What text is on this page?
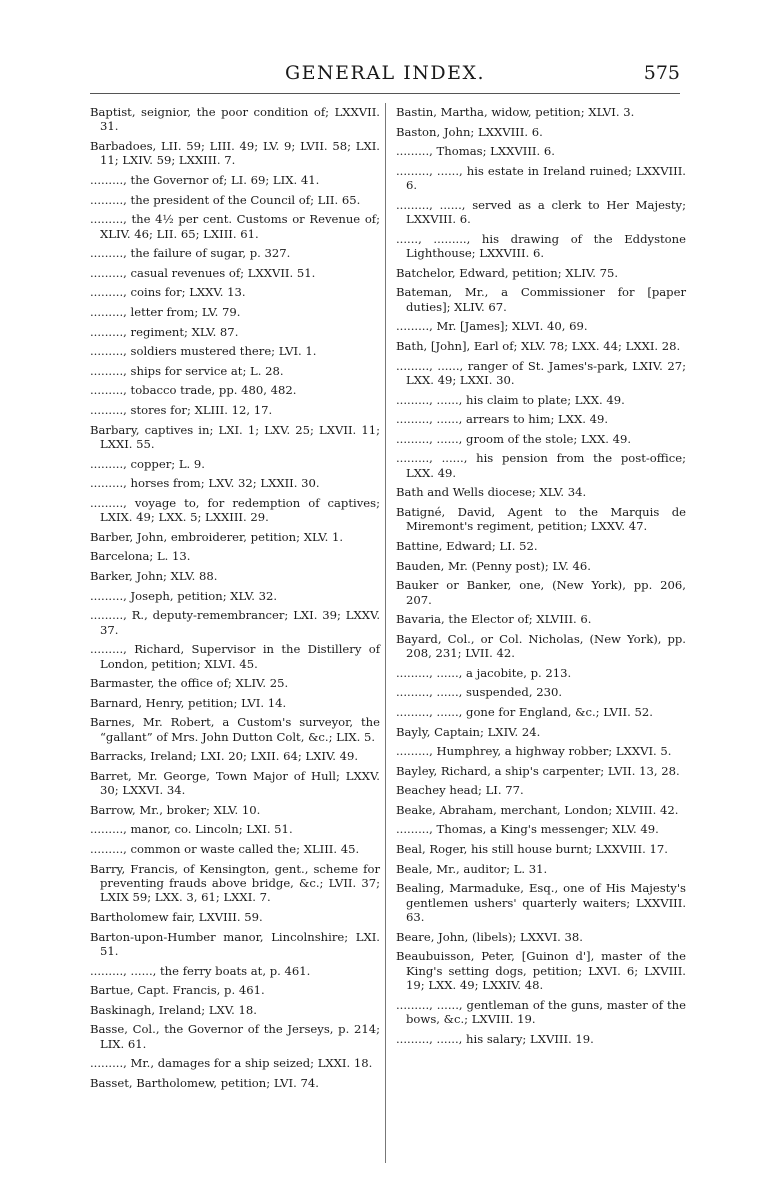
GENERAL INDEX.	575
Baptist, seignior, the poor condition of; LXXVII. 31.
Barbadoes, LII. 59; LIII. 49; LV. 9; LVII. 58; LXI. 11; LXIV. 59; LXXIII. 7.
........., the Governor of; LI. 69; LIX. 41.
........., the president of the Council of; LII. 65.
........., the 4½ per cent. Customs or Revenue of; XLIV. 46; LII. 65; LXIII. 61.
........., the failure of sugar, p. 327.
........., casual revenues of; LXXVII. 51.
........., coins for; LXXV. 13.
........., letter from; LV. 79.
........., regiment; XLV. 87.
........., soldiers mustered there; LVI. 1.
........., ships for service at; L. 28.
........., tobacco trade, pp. 480, 482.
........., stores for; XLIII. 12, 17.
Barbary, captives in; LXI. 1; LXV. 25; LXVII. 11; LXXI. 55.
........., copper; L. 9.
........., horses from; LXV. 32; LXXII. 30.
........., voyage to, for redemption of captives; LXIX. 49; LXX. 5; LXXIII. 29.
Barber, John, embroiderer, petition; XLV. 1.
Barcelona; L. 13.
Barker, John; XLV. 88.
........., Joseph, petition; XLV. 32.
........., R., deputy-remembrancer; LXI. 39; LXXV. 37.
........., Richard, Supervisor in the Distillery of London, petition; XLVI. 45.
Barmaster, the office of; XLIV. 25.
Barnard, Henry, petition; LVI. 14.
Barnes, Mr. Robert, a Custom's surveyor, the “gallant” of Mrs. John Dutton Colt, &c.; LIX. 5.
Barracks, Ireland; LXI. 20; LXII. 64; LXIV. 49.
Barret, Mr. George, Town Major of Hull; LXXV. 30; LXXVI. 34.
Barrow, Mr., broker; XLV. 10.
........., manor, co. Lincoln; LXI. 51.
........., common or waste called the; XLIII. 45.
Barry, Francis, of Kensington, gent., scheme for preventing frauds above bridge, &c.; LVII. 37; LXIX 59; LXX. 3, 61; LXXI. 7.
Bartholomew fair, LXVIII. 59.
Barton-upon-Humber manor, Lincolnshire; LXI. 51.
........., ......, the ferry boats at, p. 461.
Bartue, Capt. Francis, p. 461.
Baskinagh, Ireland; LXV. 18.
Basse, Col., the Governor of the Jerseys, p. 214; LIX. 61.
........., Mr., damages for a ship seized; LXXI. 18.
Basset, Bartholomew, petition; LVI. 74.
Bastin, Martha, widow, petition; XLVI. 3.
Baston, John; LXXVIII. 6.
........., Thomas; LXXVIII. 6.
........., ......, his estate in Ireland ruined; LXXVIII. 6.
........., ......, served as a clerk to Her Majesty; LXXVIII. 6.
......, ........., his drawing of the Eddystone Lighthouse; LXXVIII. 6.
Batchelor, Edward, petition; XLIV. 75.
Bateman, Mr., a Commissioner for [paper duties]; XLIV. 67.
........., Mr. [James]; XLVI. 40, 69.
Bath, [John], Earl of; XLV. 78; LXX. 44; LXXI. 28.
........., ......, ranger of St. James's-park, LXIV. 27; LXX. 49; LXXI. 30.
........., ......, his claim to plate; LXX. 49.
........., ......, arrears to him; LXX. 49.
........., ......, groom of the stole; LXX. 49.
........., ......, his pension from the post-office; LXX. 49.
Bath and Wells diocese; XLV. 34.
Batigné, David, Agent to the Marquis de Miremont's regiment, petition; LXXV. 47.
Battine, Edward; LI. 52.
Bauden, Mr. (Penny post); LV. 46.
Bauker or Banker, one, (New York), pp. 206, 207.
Bavaria, the Elector of; XLVIII. 6.
Bayard, Col., or Col. Nicholas, (New York), pp. 208, 231; LVII. 42.
........., ......, a jacobite, p. 213.
........., ......, suspended, 230.
........., ......, gone for England, &c.; LVII. 52.
Bayly, Captain; LXIV. 24.
........., Humphrey, a highway robber; LXXVI. 5.
Bayley, Richard, a ship's carpenter; LVII. 13, 28.
Beachey head; LI. 77.
Beake, Abraham, merchant, London; XLVIII. 42.
........., Thomas, a King's messenger; XLV. 49.
Beal, Roger, his still house burnt; LXXVIII. 17.
Beale, Mr., auditor; L. 31.
Bealing, Marmaduke, Esq., one of His Majesty's gentlemen ushers' quarterly waiters; LXXVIII. 63.
Beare, John, (libels); LXXVI. 38.
Beaubuisson, Peter, [Guinon d'], master of the King's setting dogs, petition; LXVI. 6; LXVIII. 19; LXX. 49; LXXIV. 48.
........., ......, gentleman of the guns, master of the bows, &c.; LXVIII. 19.
........., ......, his salary; LXVIII. 19.
